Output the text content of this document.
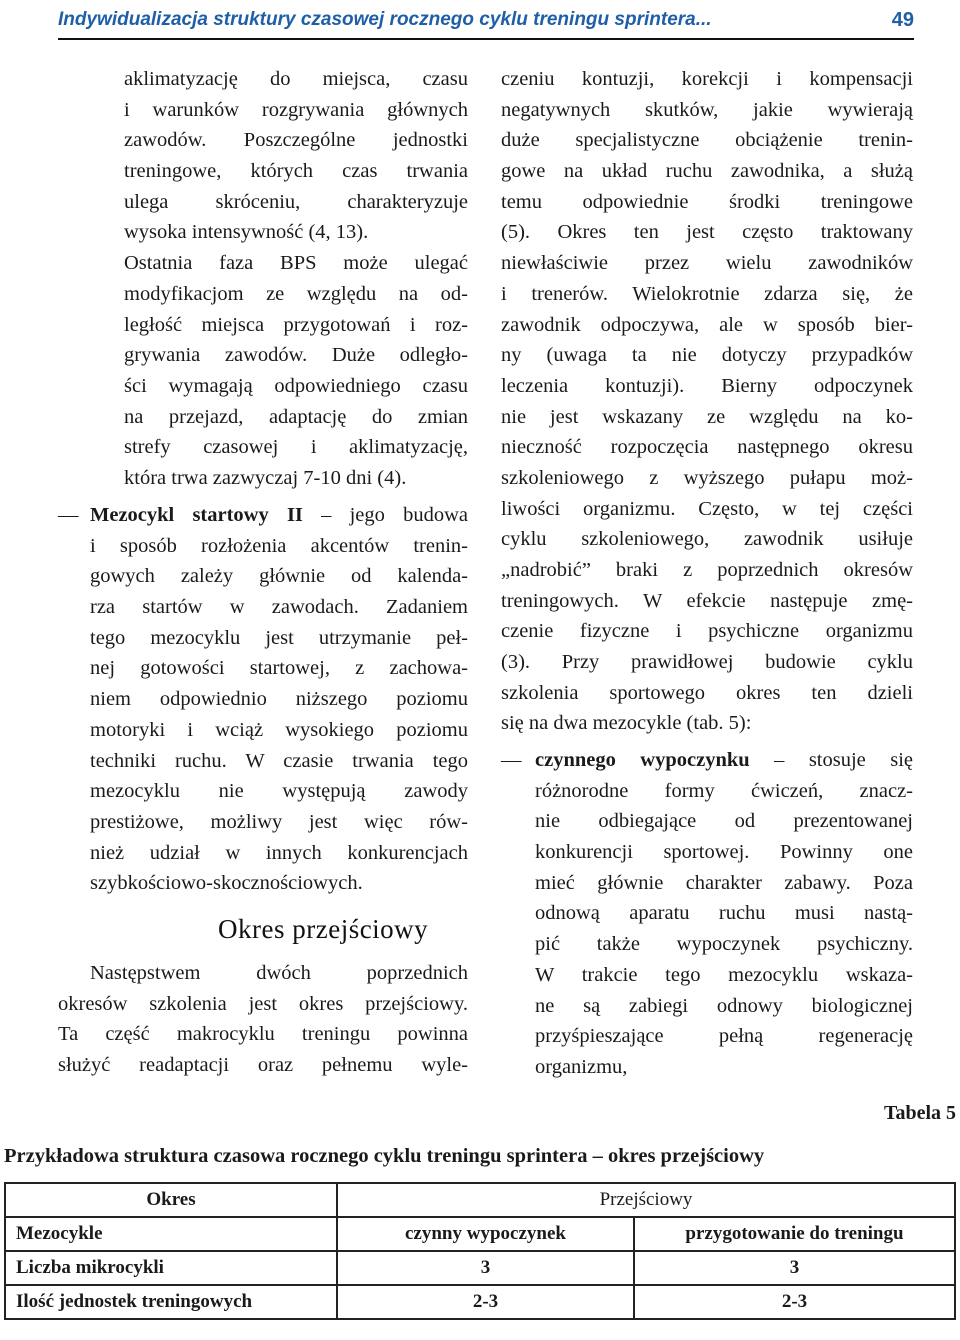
Indywidualizacja struktury czasowej rocznego cyklu treningu sprintera...	49
aklimatyzację do miejsca, czasu
i warunków rozgrywania głównych
zawodów. Poszczególne jednostki
treningowe, których czas trwania
ulega skróceniu, charakteryzuje
wysoka intensywność (4, 13).
Ostatnia faza BPS może ulegać
modyfikacjom ze względu na od-
ległość miejsca przygotowań i roz-
grywania zawodów. Duże odległo-
ści wymagają odpowiedniego czasu
na przejazd, adaptację do zmian
strefy czasowej i aklimatyzację,
która trwa zazwyczaj 7-10 dni (4).
— Mezocykl startowy II – jego budowa
i sposób rozłożenia akcentów trenin-
gowych zależy głównie od kalenda-
rza startów w zawodach. Zadaniem
tego mezocyklu jest utrzymanie peł-
nej gotowości startowej, z zachowa-
niem odpowiednio niższego poziomu
motoryki i wciąż wysokiego poziomu
techniki ruchu. W czasie trwania tego
mezocyklu nie występują zawody
prestiżowe, możliwy jest więc rów-
nież udział w innych konkurencjach
szybkościowo-skocznościowych.
Okres przejściowy
Następstwem dwóch poprzednich
okresów szkolenia jest okres przejściowy.
Ta część makrocyklu treningu powinna
służyć readaptacji oraz pełnemu wyle-
czeniu kontuzji, korekcji i kompensacji
negatywnych skutków, jakie wywierają
duże specjalistyczne obciążenie trenin-
gowe na układ ruchu zawodnika, a służą
temu odpowiednie środki treningowe
(5). Okres ten jest często traktowany
niewłaściwie przez wielu zawodników
i trenerów. Wielokrotnie zdarza się, że
zawodnik odpoczywa, ale w sposób bier-
ny (uwaga ta nie dotyczy przypadków
leczenia kontuzji). Bierny odpoczynek
nie jest wskazany ze względu na ko-
nieczność rozpoczęcia następnego okresu
szkoleniowego z wyższego pułapu moż-
liwości organizmu. Często, w tej części
cyklu szkoleniowego, zawodnik usiłuje
„nadrobić” braki z poprzednich okresów
treningowych. W efekcie następuje zmę-
czenie fizyczne i psychiczne organizmu
(3). Przy prawidłowej budowie cyklu
szkolenia sportowego okres ten dzieli
się na dwa mezocykle (tab. 5):
— czynnego wypoczynku – stosuje się
różnorodne formy ćwiczeń, znacz-
nie odbiegające od prezentowanej
konkurencji sportowej. Powinny one
mieć głównie charakter zabawy. Poza
odnową aparatu ruchu musi nastą-
pić także wypoczynek psychiczny.
W trakcie tego mezocyklu wskaza-
ne są zabiegi odnowy biologicznej
przyśpieszające pełną regenerację
organizmu,
Tabela 5
Przykładowa struktura czasowa rocznego cyklu treningu sprintera – okres przejściowy
Okres	Przejściowy	
Mezocykle	czynny wypoczynek	przygotowanie do treningu
Liczba mikrocykli	3	3
Ilość jednostek treningowych	2-3	2-3
